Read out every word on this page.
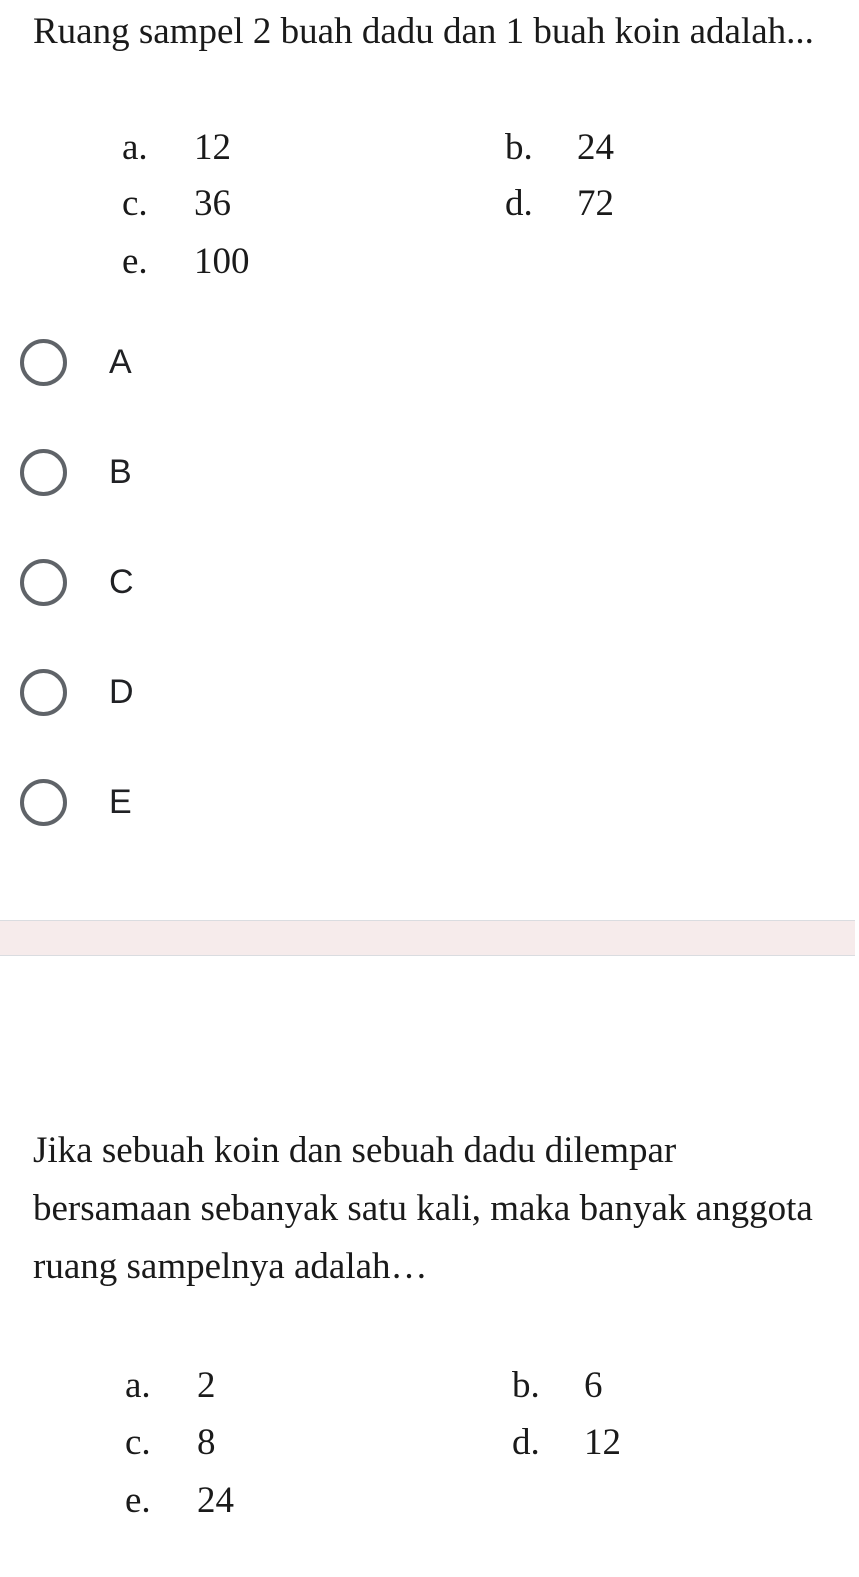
Ruang sampel 2 buah dadu dan 1 buah koin adalah...
a. 12	b. 24
c. 36	d. 72
e. 100
A
B
C
D
E
Jika sebuah koin dan sebuah dadu dilempar bersamaan sebanyak satu kali, maka banyak anggota ruang sampelnya adalah…
a. 2	b. 6
c. 8	d. 12
e. 24
